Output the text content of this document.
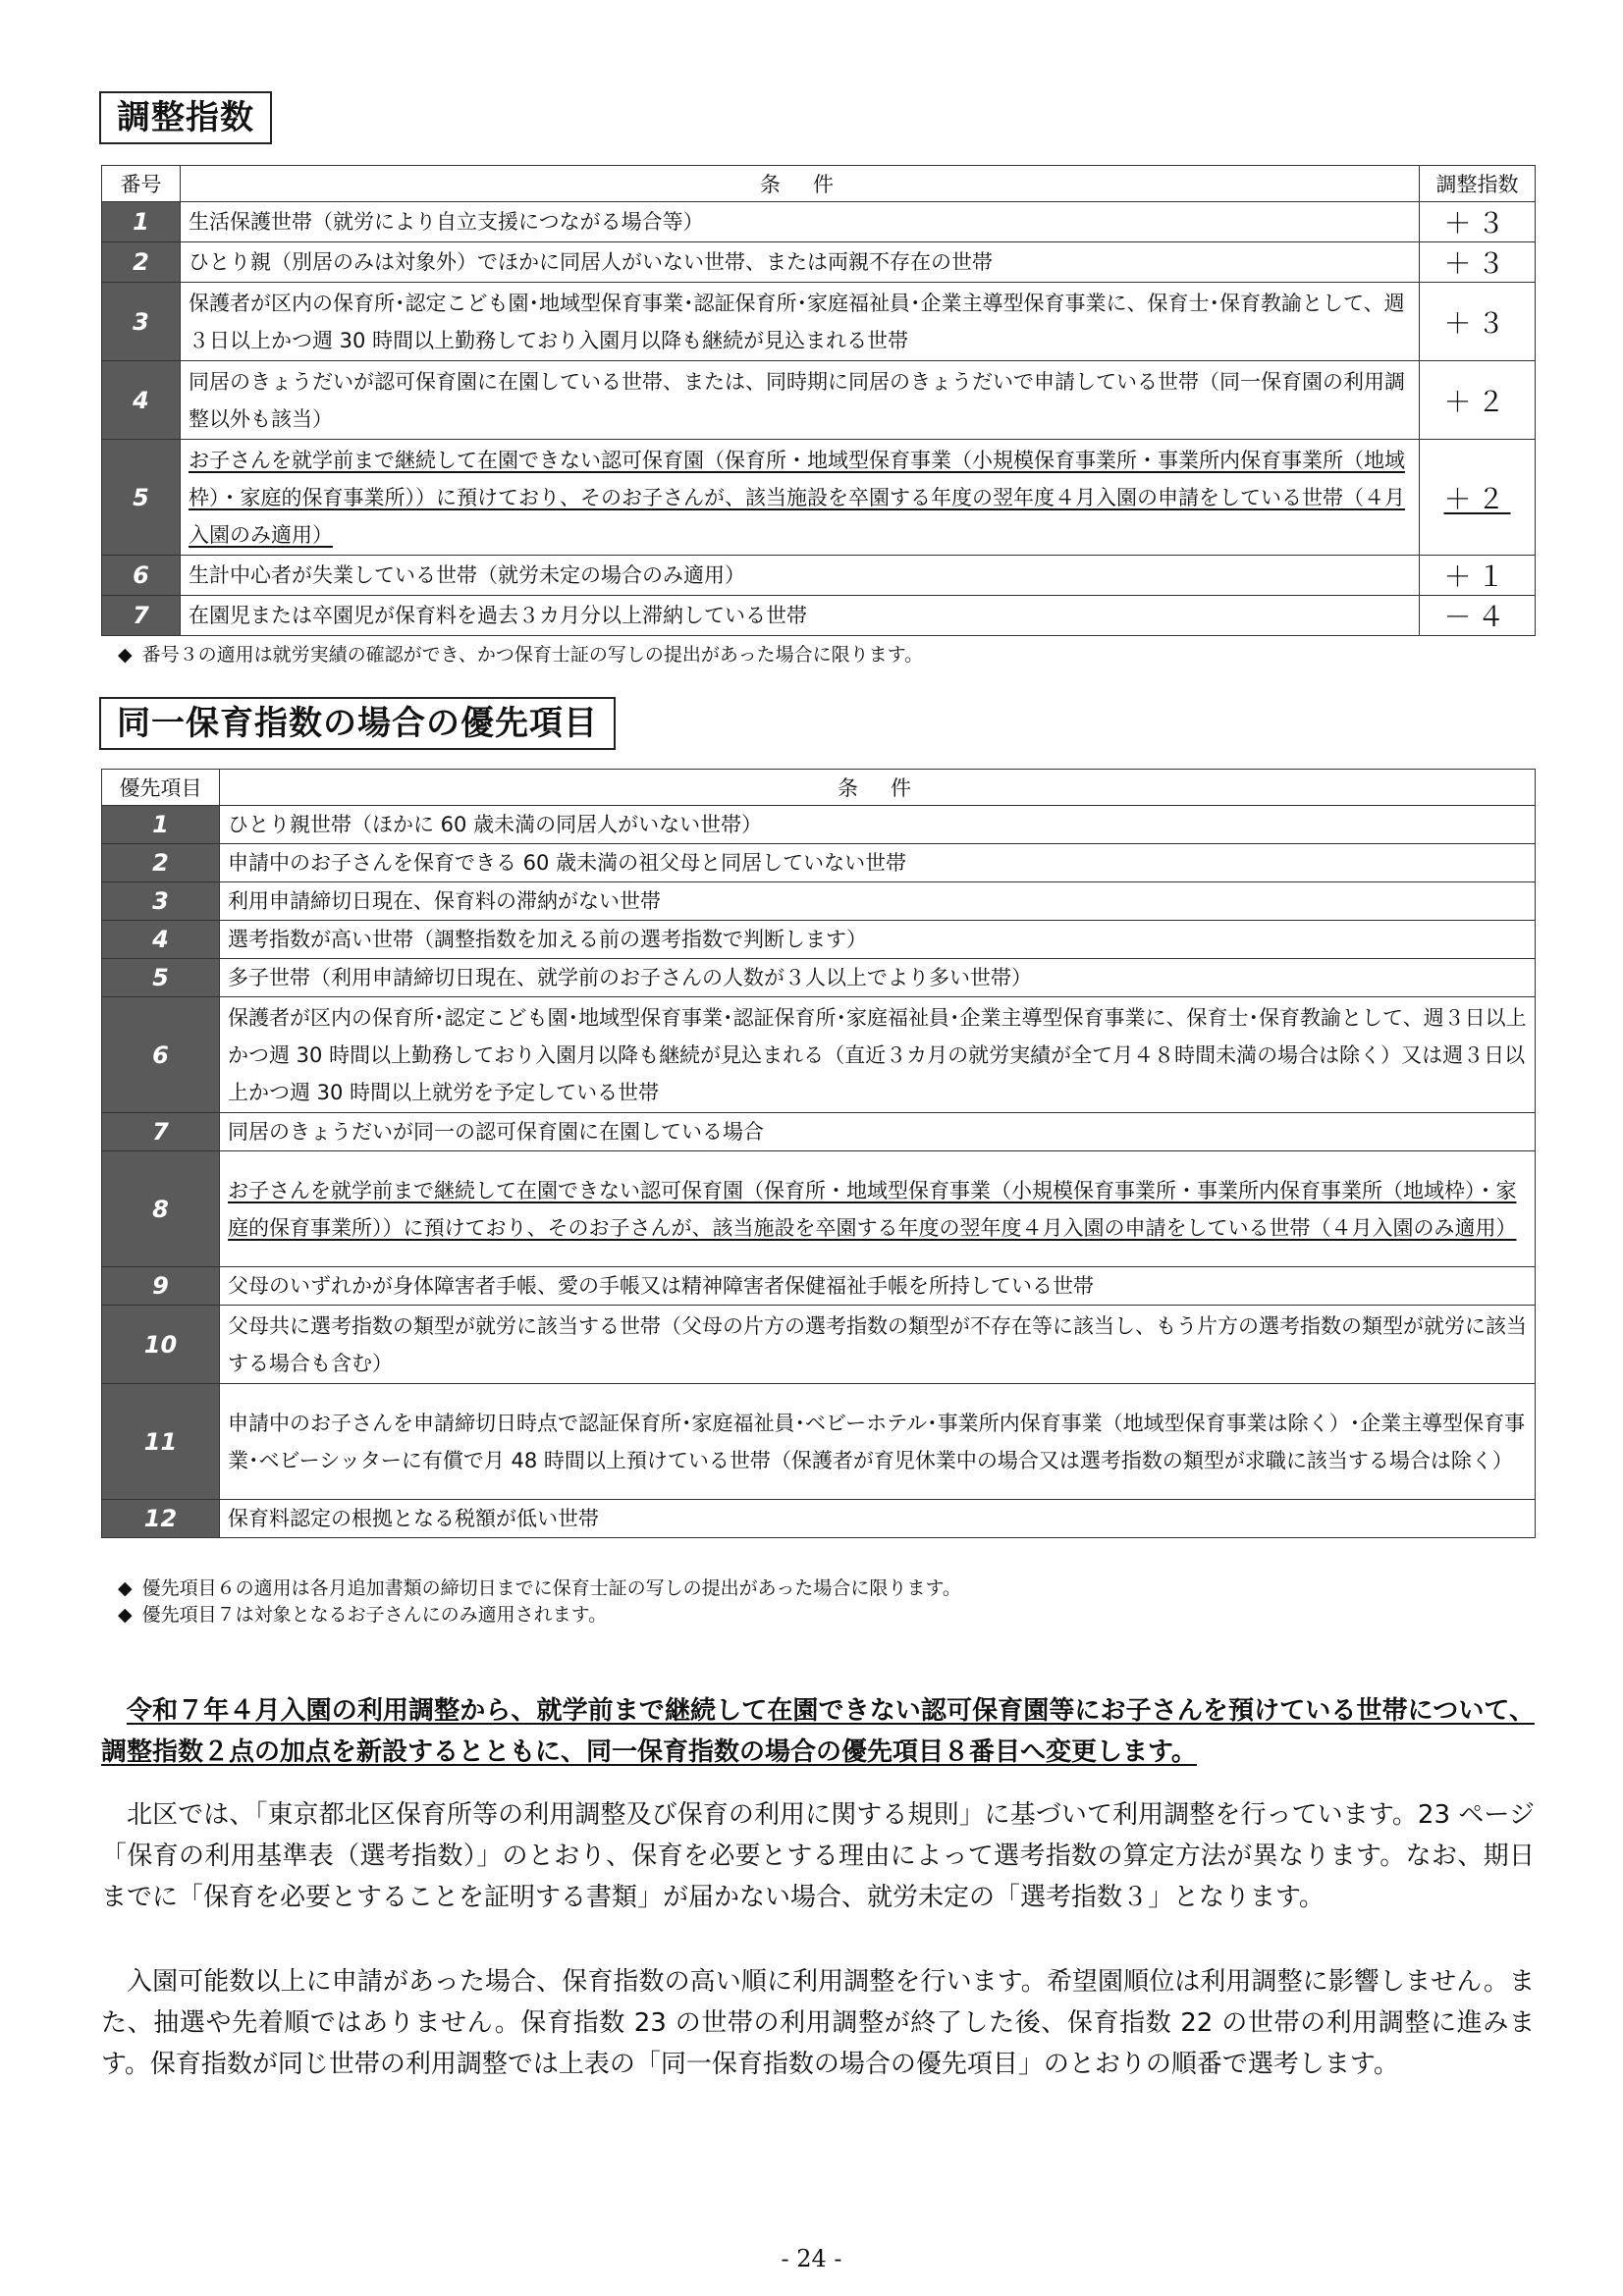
調整指数
番号	条　件	調整指数
1	生活保護世帯（就労により自立支援につながる場合等）	＋３
2	ひとり親（別居のみは対象外）でほかに同居人がいない世帯、または両親不存在の世帯	＋３
3	保護者が区内の保育所･認定こども園･地域型保育事業･認証保育所･家庭福祉員･企業主導型保育事業に、保育士･保育教諭として、週３日以上かつ週 30 時間以上勤務しており入園月以降も継続が見込まれる世帯	＋３
4	同居のきょうだいが認可保育園に在園している世帯、または、同時期に同居のきょうだいで申請している世帯（同一保育園の利用調整以外も該当）	＋２
5	お子さんを就学前まで継続して在園できない認可保育園（保育所・地域型保育事業（小規模保育事業所・事業所内保育事業所（地域枠）・家庭的保育事業所））に預けており、そのお子さんが、該当施設を卒園する年度の翌年度４月入園の申請をしている世帯（４月入園のみ適用）	＋２
6	生計中心者が失業している世帯（就労未定の場合のみ適用）	＋１
7	在園児または卒園児が保育料を過去３カ月分以上滞納している世帯	－４
◆ 番号３の適用は就労実績の確認ができ、かつ保育士証の写しの提出があった場合に限ります。
同一保育指数の場合の優先項目
優先項目	条　件
1	ひとり親世帯（ほかに 60 歳未満の同居人がいない世帯）
2	申請中のお子さんを保育できる 60 歳未満の祖父母と同居していない世帯
3	利用申請締切日現在、保育料の滞納がない世帯
4	選考指数が高い世帯（調整指数を加える前の選考指数で判断します）
5	多子世帯（利用申請締切日現在、就学前のお子さんの人数が３人以上でより多い世帯）
6	保護者が区内の保育所･認定こども園･地域型保育事業･認証保育所･家庭福祉員･企業主導型保育事業に、保育士･保育教諭として、週３日以上かつ週 30 時間以上勤務しており入園月以降も継続が見込まれる（直近３カ月の就労実績が全て月４８時間未満の場合は除く）又は週３日以上かつ週 30 時間以上就労を予定している世帯
7	同居のきょうだいが同一の認可保育園に在園している場合
8	お子さんを就学前まで継続して在園できない認可保育園（保育所・地域型保育事業（小規模保育事業所・事業所内保育事業所（地域枠）・家庭的保育事業所））に預けており、そのお子さんが、該当施設を卒園する年度の翌年度４月入園の申請をしている世帯（４月入園のみ適用）
9	父母のいずれかが身体障害者手帳、愛の手帳又は精神障害者保健福祉手帳を所持している世帯
10	父母共に選考指数の類型が就労に該当する世帯（父母の片方の選考指数の類型が不存在等に該当し、もう片方の選考指数の類型が就労に該当する場合も含む）
11	申請中のお子さんを申請締切日時点で認証保育所･家庭福祉員･ベビーホテル･事業所内保育事業（地域型保育事業は除く）･企業主導型保育事業･ベビーシッターに有償で月 48 時間以上預けている世帯（保護者が育児休業中の場合又は選考指数の類型が求職に該当する場合は除く）
12	保育料認定の根拠となる税額が低い世帯
◆ 優先項目６の適用は各月追加書類の締切日までに保育士証の写しの提出があった場合に限ります。
◆ 優先項目７は対象となるお子さんにのみ適用されます。
令和７年４月入園の利用調整から、就学前まで継続して在園できない認可保育園等にお子さんを預けている世帯について、調整指数２点の加点を新設するとともに、同一保育指数の場合の優先項目８番目へ変更します。
北区では、「東京都北区保育所等の利用調整及び保育の利用に関する規則」に基づいて利用調整を行っています。23 ページ「保育の利用基準表（選考指数）」のとおり、保育を必要とする理由によって選考指数の算定方法が異なります。なお、期日までに「保育を必要とすることを証明する書類」が届かない場合、就労未定の「選考指数３」となります。
入園可能数以上に申請があった場合、保育指数の高い順に利用調整を行います。希望園順位は利用調整に影響しません。また、抽選や先着順ではありません。保育指数 23 の世帯の利用調整が終了した後、保育指数 22 の世帯の利用調整に進みます。保育指数が同じ世帯の利用調整では上表の「同一保育指数の場合の優先項目」のとおりの順番で選考します。
- 24 -
